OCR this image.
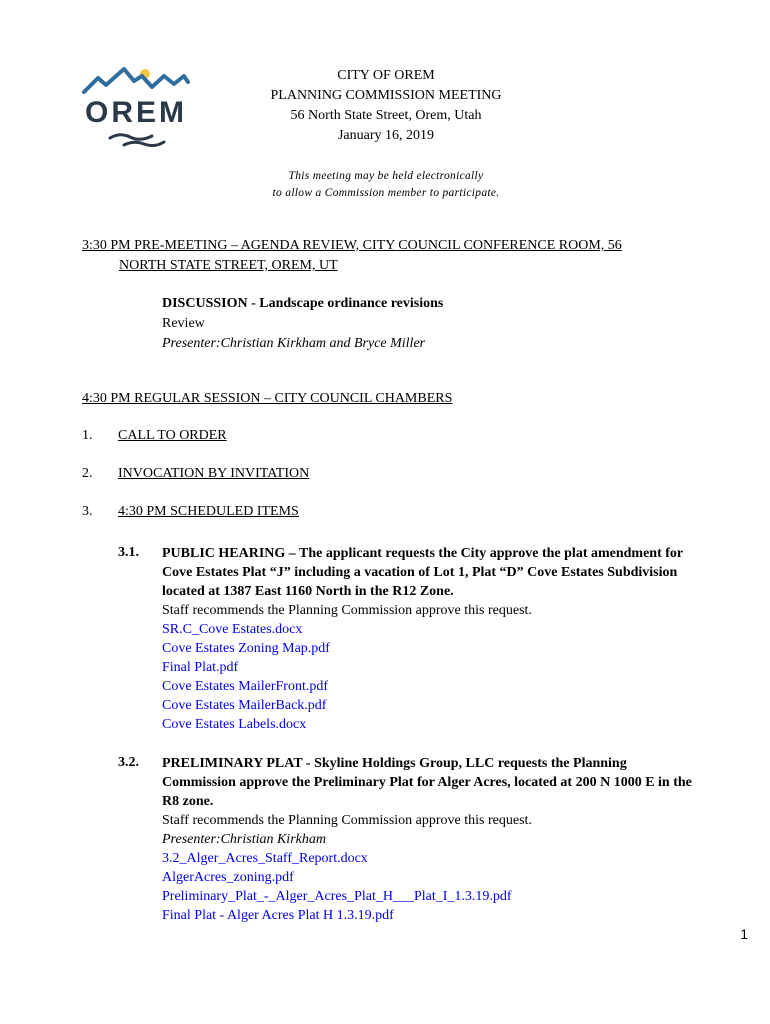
OREM
CITY OF OREM
PLANNING COMMISSION MEETING
56 North State Street, Orem, Utah
January 16, 2019
This meeting may be held electronically
to allow a Commission member to participate.
3:30 PM PRE-MEETING – AGENDA REVIEW, CITY COUNCIL CONFERENCE ROOM, 56
NORTH STATE STREET, OREM, UT
DISCUSSION - Landscape ordinance revisions
Review
Presenter:Christian Kirkham and Bryce Miller
4:30 PM REGULAR SESSION – CITY COUNCIL CHAMBERS
1. CALL TO ORDER
2. INVOCATION BY INVITATION
3. 4:30 PM SCHEDULED ITEMS
3.1. PUBLIC HEARING – The applicant requests the City approve the plat amendment for
Cove Estates Plat “J” including a vacation of Lot 1, Plat “D” Cove Estates Subdivision
located at 1387 East 1160 North in the R12 Zone.
Staff recommends the Planning Commission approve this request.
SR.C_Cove Estates.docx
Cove Estates Zoning Map.pdf
Final Plat.pdf
Cove Estates MailerFront.pdf
Cove Estates MailerBack.pdf
Cove Estates Labels.docx
3.2. PRELIMINARY PLAT - Skyline Holdings Group, LLC requests the Planning
Commission approve the Preliminary Plat for Alger Acres, located at 200 N 1000 E in the
R8 zone.
Staff recommends the Planning Commission approve this request.
Presenter:Christian Kirkham
3.2_Alger_Acres_Staff_Report.docx
AlgerAcres_zoning.pdf
Preliminary_Plat_-_Alger_Acres_Plat_H___Plat_I_1.3.19.pdf
Final Plat - Alger Acres Plat H 1.3.19.pdf
1
